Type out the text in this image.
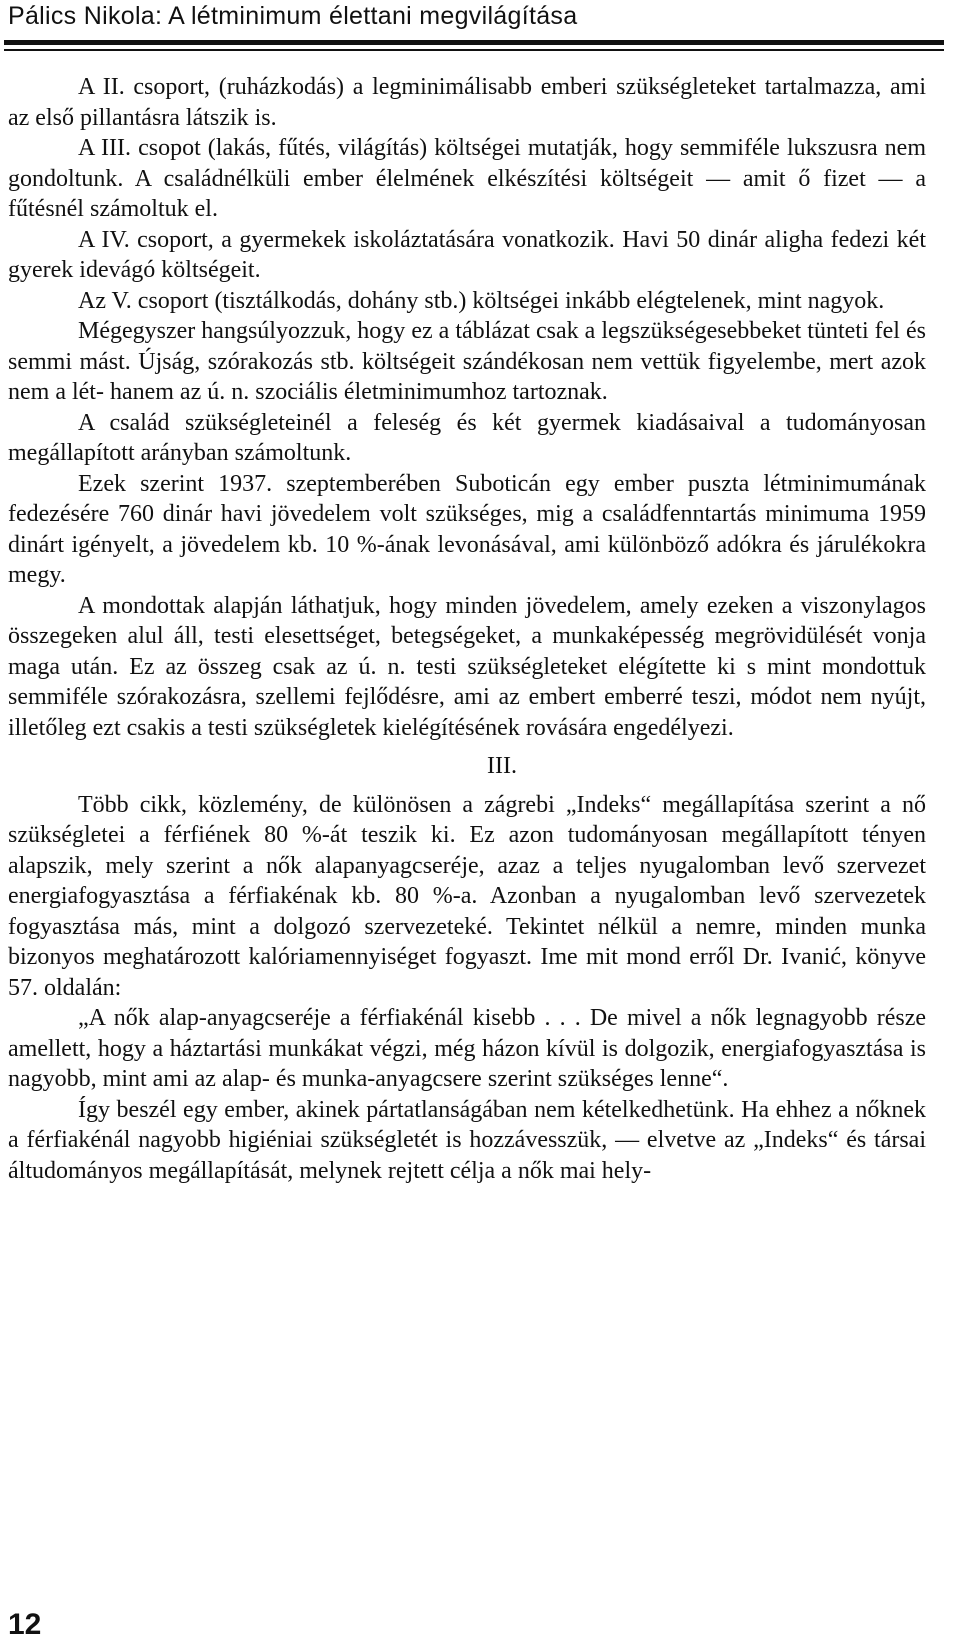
Pálics Nikola: A létminimum élettani megvilágítása

A II. csoport, (ruházkodás) a legminimálisabb emberi szükségleteket tartalmazza, ami az első pillantásra látszik is.

A III. csopot (lakás, fűtés, világítás) költségei mutatják, hogy semmiféle lukszusra nem gondoltunk. A családnélküli ember élelmének elkészítési költségeit — amit ő fizet — a fűtésnél számoltuk el.

A IV. csoport, a gyermekek iskoláztatására vonatkozik. Havi 50 dinár aligha fedezi két gyerek idevágó költségeit.

Az V. csoport (tisztálkodás, dohány stb.) költségei inkább elégtelenek, mint nagyok.

Mégegyszer hangsúlyozzuk, hogy ez a táblázat csak a legszükségesebbeket tünteti fel és semmi mást. Újság, szórakozás stb. költségeit szándékosan nem vettük figyelembe, mert azok nem a lét- hanem az ú. n. szociális életminimumhoz tartoznak.

A család szükségleteinél a feleség és két gyermek kiadásaival a tudományosan megállapított arányban számoltunk.

Ezek szerint 1937. szeptemberében Suboticán egy ember puszta létminimumának fedezésére 760 dinár havi jövedelem volt szükséges, mig a családfenntartás minimuma 1959 dinárt igényelt, a jövedelem kb. 10 %-ának levonásával, ami különböző adókra és járulékokra megy.

A mondottak alapján láthatjuk, hogy minden jövedelem, amely ezeken a viszonylagos összegeken alul áll, testi elesettséget, betegségeket, a munkaképesség megrövidülését vonja maga után. Ez az összeg csak az ú. n. testi szükségleteket elégítette ki s mint mondottuk semmiféle szórakozásra, szellemi fejlődésre, ami az embert emberré teszi, módot nem nyújt, illetőleg ezt csakis a testi szükségletek kielégítésének rovására engedélyezi.

III.

Több cikk, közlemény, de különösen a zágrebi „Indeks“ megállapítása szerint a nő szükségletei a férfiének 80 %-át teszik ki. Ez azon tudományosan megállapított tényen alapszik, mely szerint a nők alapanyagcseréje, azaz a teljes nyugalomban levő szervezet energiafogyasztása a férfiakénak kb. 80 %-a. Azonban a nyugalomban levő szervezetek fogyasztása más, mint a dolgozó szervezeteké. Tekintet nélkül a nemre, minden munka bizonyos meghatározott kalóriamennyiséget fogyaszt. Ime mit mond erről Dr. Ivanić, könyve 57. oldalán:

„A nők alap-anyagcseréje a férfiakénál kisebb . . . De mivel a nők legnagyobb része amellett, hogy a háztartási munkákat végzi, még házon kívül is dolgozik, energiafogyasztása is nagyobb, mint ami az alap- és munka-anyagcsere szerint szükséges lenne“.

Így beszél egy ember, akinek pártatlanságában nem kételkedhetünk. Ha ehhez a nőknek a férfiakénál nagyobb higiéniai szükségletét is hozzávesszük, — elvetve az „Indeks“ és társai áltudományos megállapítását, melynek rejtett célja a nők mai hely-

12
